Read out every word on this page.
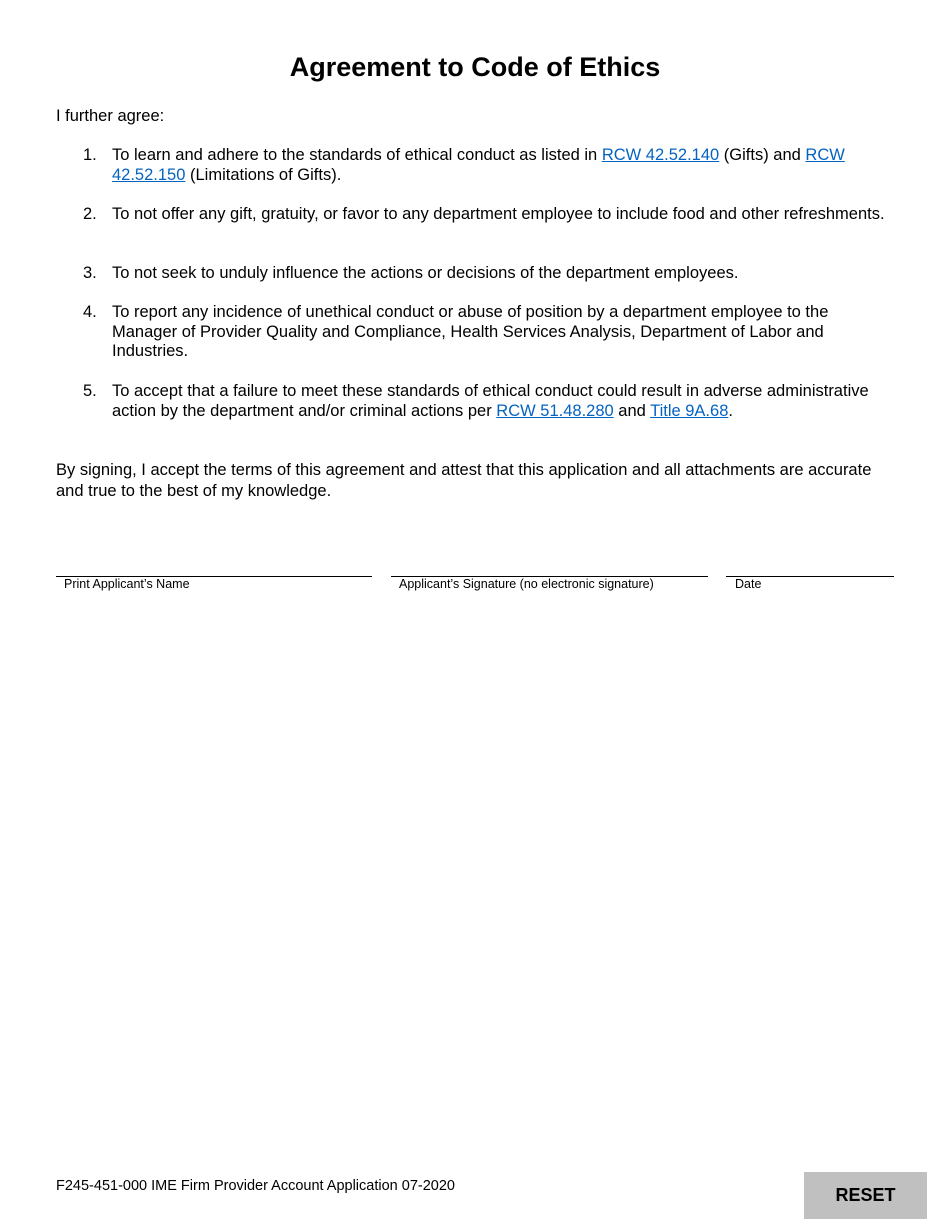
Agreement to Code of Ethics

I further agree:

1. To learn and adhere to the standards of ethical conduct as listed in RCW 42.52.140 (Gifts) and RCW 42.52.150 (Limitations of Gifts).
2. To not offer any gift, gratuity, or favor to any department employee to include food and other refreshments.
3. To not seek to unduly influence the actions or decisions of the department employees.
4. To report any incidence of unethical conduct or abuse of position by a department employee to the Manager of Provider Quality and Compliance, Health Services Analysis, Department of Labor and Industries.
5. To accept that a failure to meet these standards of ethical conduct could result in adverse administrative action by the department and/or criminal actions per RCW 51.48.280 and Title 9A.68.

By signing, I accept the terms of this agreement and attest that this application and all attachments are accurate and true to the best of my knowledge.

Print Applicant’s Name	Applicant’s Signature (no electronic signature)	Date
F245-451-000 IME Firm Provider Account Application 07-2020	RESET
